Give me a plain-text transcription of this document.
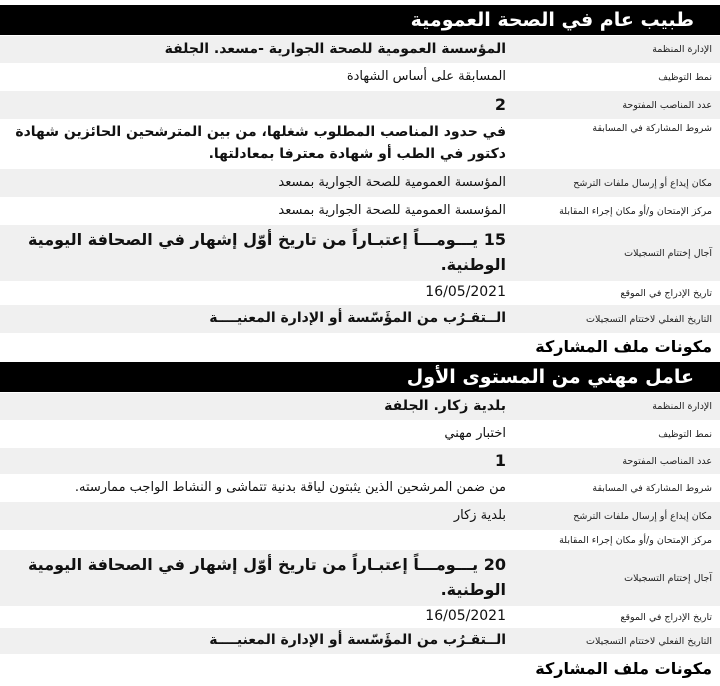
طبيب عام في الصحة العمومية
الإدارة المنظمة
المؤسسة العمومية للصحة الجوارية -مسعد. الجلفة
نمط التوظيف
المسابقة على أساس الشهادة
عدد المناصب المفتوحة
2
شروط المشاركة في المسابقة
في حدود المناصب المطلوب شغلها، من بين المترشحين الحائزين شهادة دكتور في الطب أو شهادة معترفا بمعادلتها.
مكان إيداع أو إرسال ملفات الترشح
المؤسسة العمومية للصحة الجوارية بمسعد
مركز الإمتحان و/أو مكان إجراء المقابلة
المؤسسة العمومية للصحة الجوارية بمسعد
آجال إختتام التسجيلات
15 يـــومـــاً إعتبـاراً من تاريخ أوّل إشهار في الصحافة اليومية الوطنية.
تاريخ الإدراج في الموقع
16/05/2021
التاريخ الفعلي لاختتام التسجيلات
الــتقـرُب من المؤَسّسة أو الإدارة المعنيــــة
مكونات ملف المشاركة
عامل مهني من المستوى الأول
الإدارة المنظمة
بلدية زكار. الجلفة
نمط التوظيف
اختبار مهني
عدد المناصب المفتوحة
1
شروط المشاركة في المسابقة
من ضمن المرشحين الذين يثبتون لياقة بدنية تتماشى و النشاط الواجب ممارسته.
مكان إيداع أو إرسال ملفات الترشح
بلدية زكار
مركز الإمتحان و/أو مكان إجراء المقابلة
آجال إختتام التسجيلات
20 يـــومـــاً إعتبـاراً من تاريخ أوّل إشهار في الصحافة اليومية الوطنية.
تاريخ الإدراج في الموقع
16/05/2021
التاريخ الفعلي لاختتام التسجيلات
الــتقـرُب من المؤَسّسة أو الإدارة المعنيــــة
مكونات ملف المشاركة
